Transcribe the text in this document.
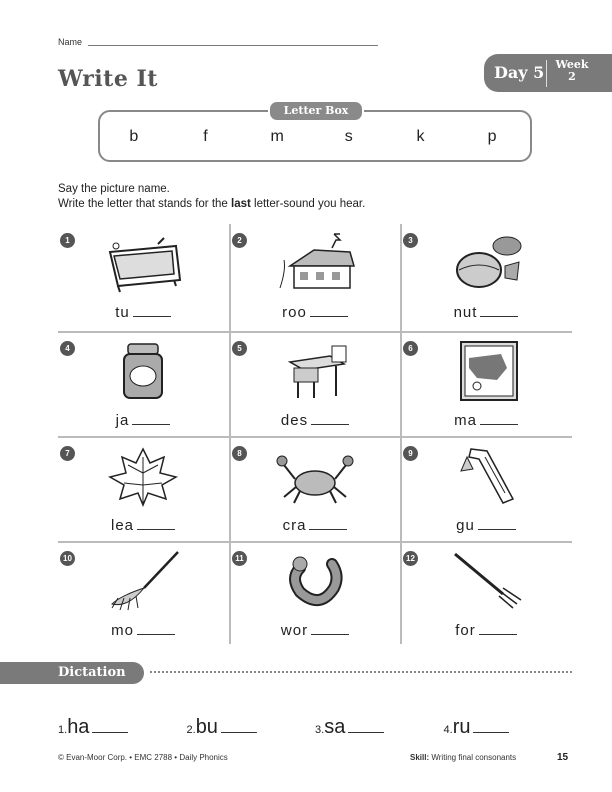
Name
Write It	Day 5 Week
2
Letter Box
b	f	m	s	k	p
Say the picture name.
Write the letter that stands for the last letter-sound you hear.
1
tu
2
roo
3
nut
4
ja
5
des
6
ma
7
lea
8
cra
9
gu
10
mo
11
wor
12
for
Dictation
1.ha	2.bu	3.sa	4.ru
© Evan-Moor Corp. • EMC 2788 • Daily Phonics	Skill: Writing final consonants	15
